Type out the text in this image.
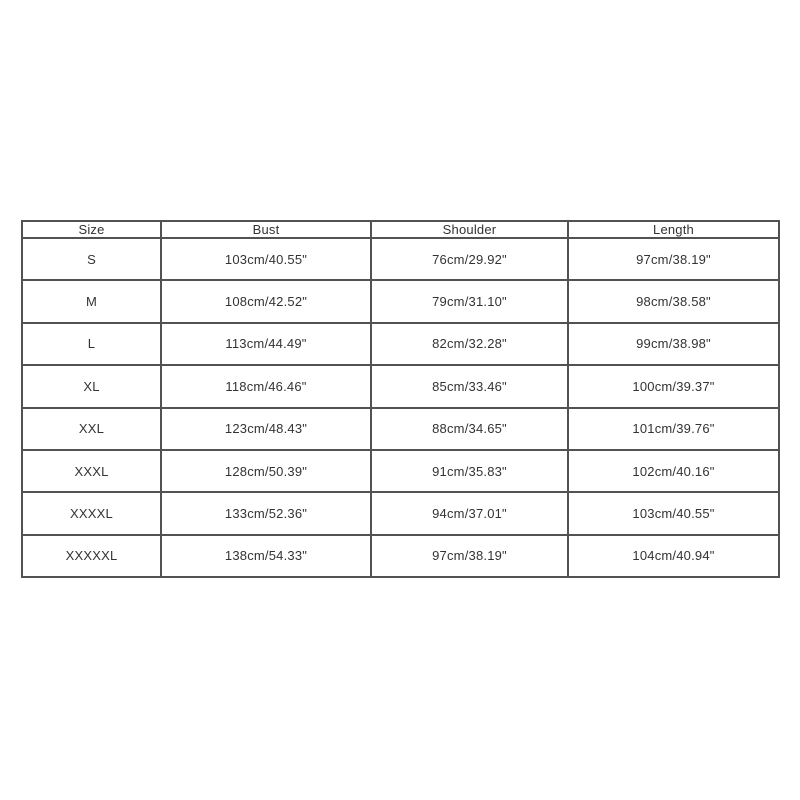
Size	Bust	Shoulder	Length
S	103cm/40.55"	76cm/29.92"	97cm/38.19"
M	108cm/42.52"	79cm/31.10"	98cm/38.58"
L	113cm/44.49"	82cm/32.28"	99cm/38.98"
XL	118cm/46.46"	85cm/33.46"	100cm/39.37"
XXL	123cm/48.43"	88cm/34.65"	101cm/39.76"
XXXL	128cm/50.39"	91cm/35.83"	102cm/40.16"
XXXXL	133cm/52.36"	94cm/37.01"	103cm/40.55"
XXXXXL	138cm/54.33"	97cm/38.19"	104cm/40.94"
